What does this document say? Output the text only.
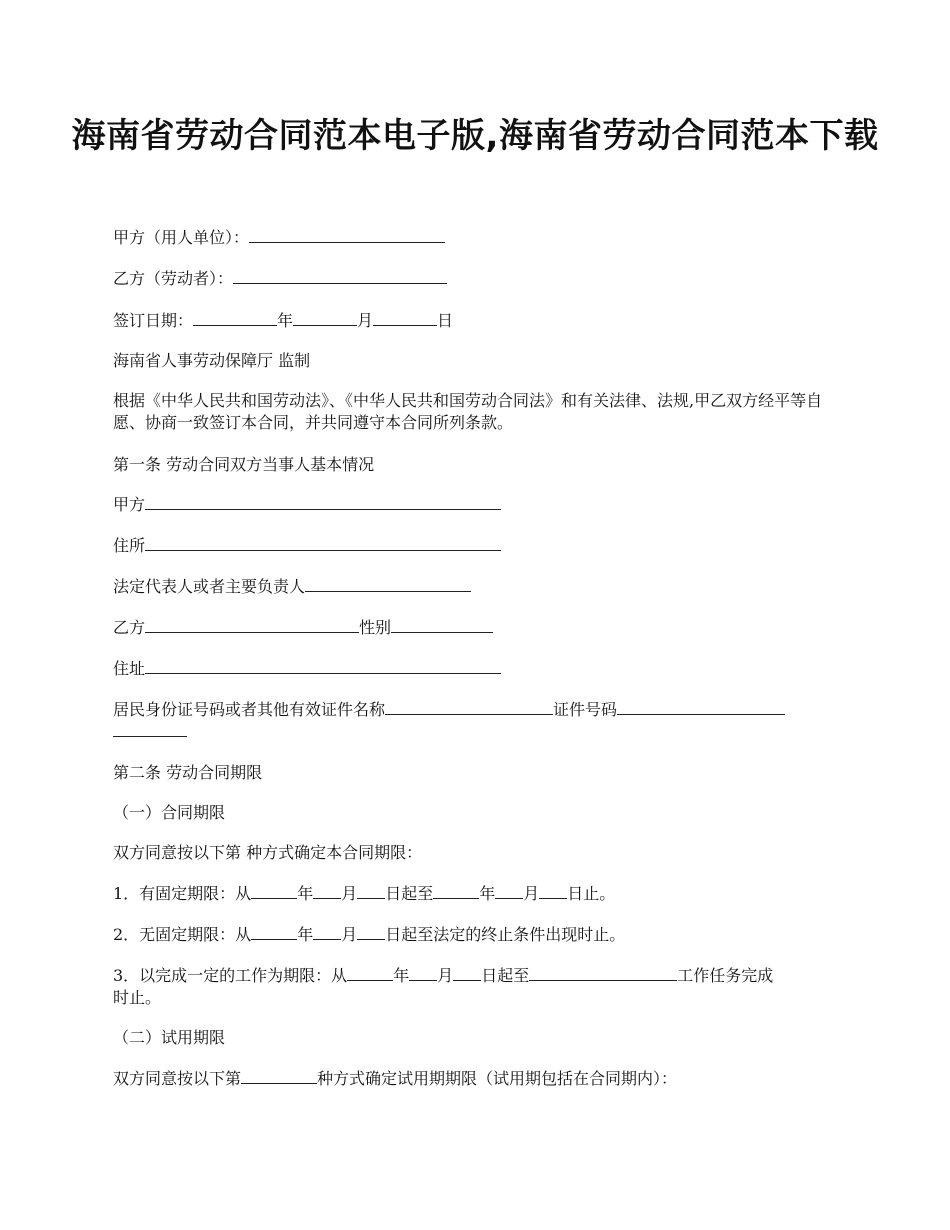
海南省劳动合同范本电子版,海南省劳动合同范本下载
甲方（用人单位）：
乙方（劳动者）：
签订日期：	年	月	日
海南省人事劳动保障厅 监制
根据《中华人民共和国劳动法》、《中华人民共和国劳动合同法》和有关法律、法规,甲乙双方经平等自愿、协商一致签订本合同，并共同遵守本合同所列条款。
第一条 劳动合同双方当事人基本情况
甲方
住所
法定代表人或者主要负责人
乙方	性别
住址
居民身份证号码或者其他有效证件名称	证件号码
第二条 劳动合同期限
（一）合同期限
双方同意按以下第 种方式确定本合同期限：
1．有固定期限：从	年 月 日起至	年 月 日止。
2．无固定期限：从	年 月 日起至法定的终止条件出现时止。
3．以完成一定的工作为期限：从	年 月 日起至	工作任务完成
时止。
（二）试用期限
双方同意按以下第	种方式确定试用期期限（试用期包括在合同期内）：
